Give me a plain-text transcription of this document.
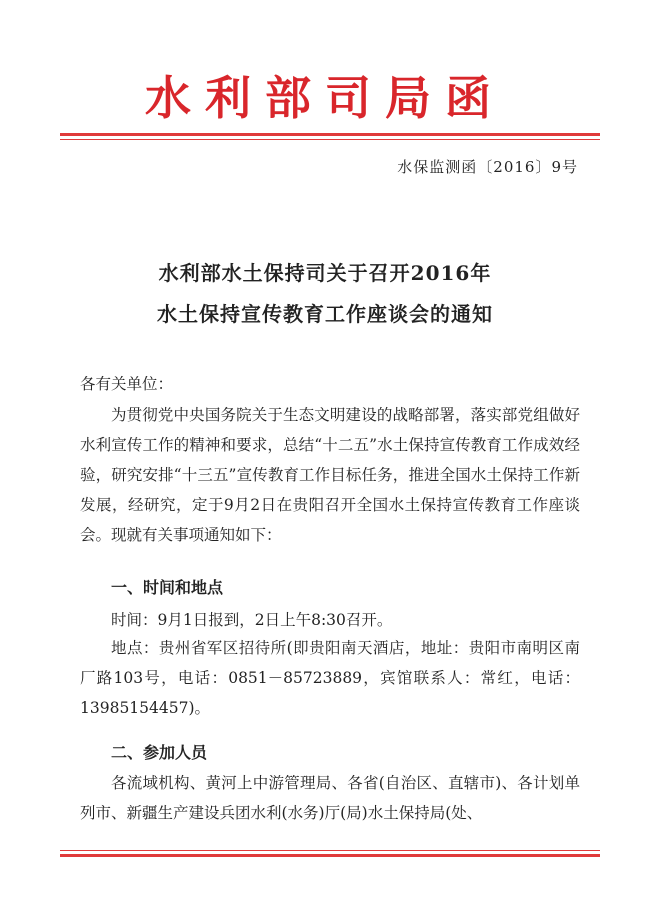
水利部司局函
水保监测函〔2016〕9号
水利部水土保持司关于召开2016年
水土保持宣传教育工作座谈会的通知
各有关单位：
为贯彻党中央国务院关于生态文明建设的战略部署，落实部党组做好水利宣传工作的精神和要求，总结“十二五”水土保持宣传教育工作成效经验，研究安排“十三五”宣传教育工作目标任务，推进全国水土保持工作新发展，经研究，定于9月2日在贵阳召开全国水土保持宣传教育工作座谈会。现就有关事项通知如下：
一、时间和地点
时间：9月1日报到，2日上午8:30召开。
地点：贵州省军区招待所(即贵阳南天酒店，地址：贵阳市南明区南厂路103号，电话：0851－85723889，宾馆联系人：常红，电话：13985154457)。
二、参加人员
各流域机构、黄河上中游管理局、各省(自治区、直辖市)、各计划单列市、新疆生产建设兵团水利(水务)厅(局)水土保持局(处、
